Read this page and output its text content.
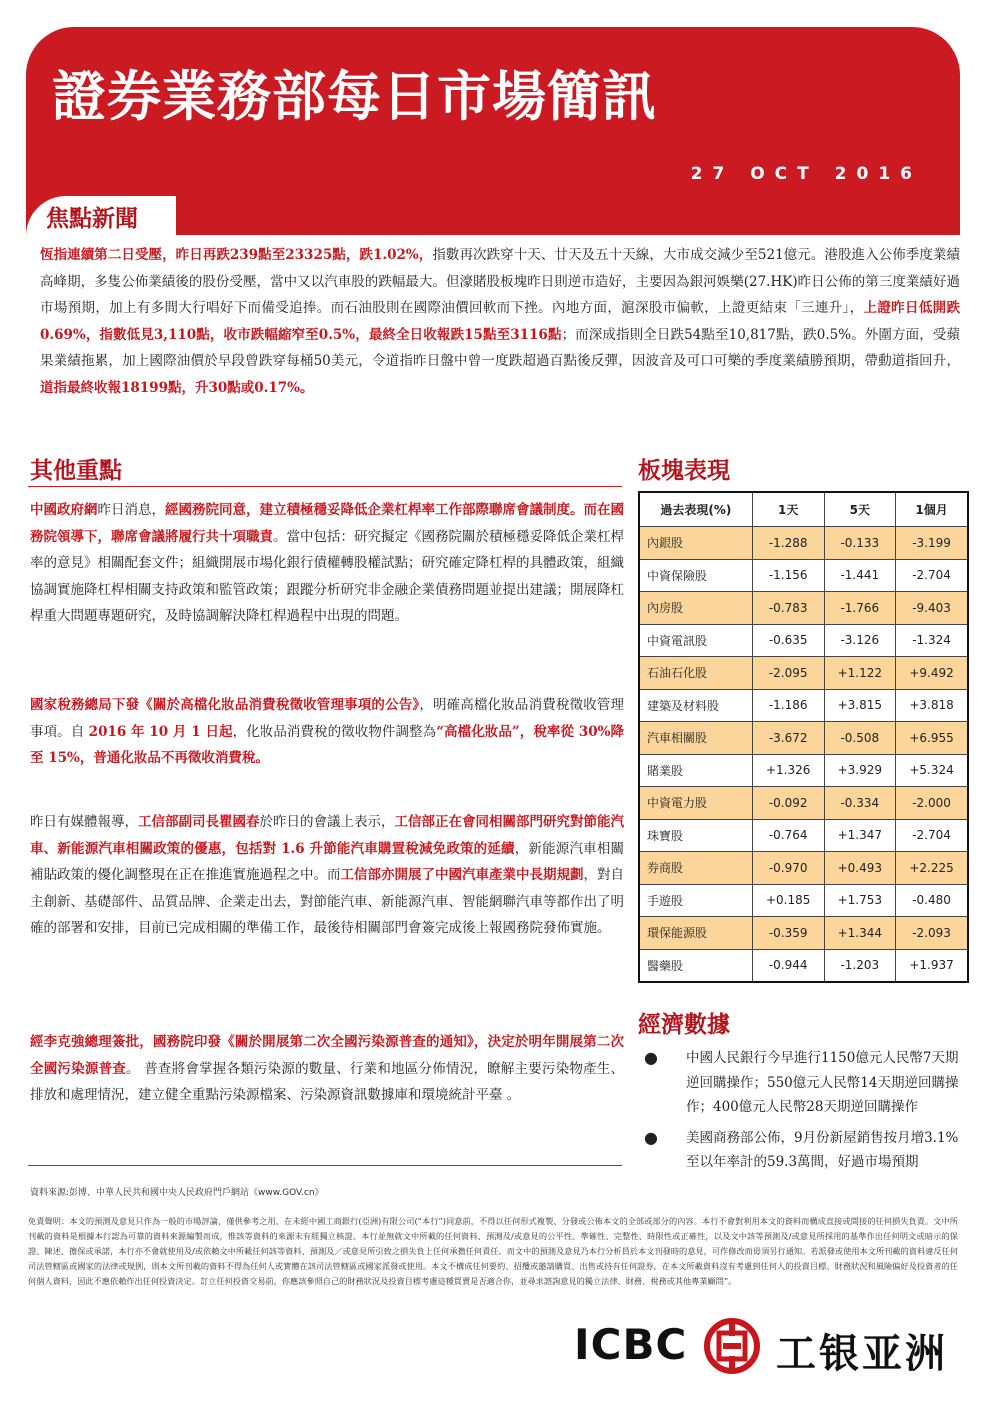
證券業務部每日市場簡訊
27 OCT 2016
焦點新聞

恆指連續第二日受壓，昨日再跌239點至23325點，跌1.02%，指數再次跌穿十天、廿天及五十天線，大市成交減少至521億元。港股進入公佈季度業績高峰期，多隻公佈業績後的股份受壓，當中又以汽車股的跌幅最大。但濠賭股板塊昨日則逆市造好，主要因為銀河娛樂(27.HK)昨日公佈的第三度業績好過市場預期，加上有多間大行唱好下而備受追捧。而石油股則在國際油價回軟而下挫。內地方面，滬深股市偏軟，上證更結束「三連升」，上證昨日低開跌0.69%，指數低見3,110點，收市跌幅縮窄至0.5%，最終全日收報跌15點至3116點；而深成指則全日跌54點至10,817點，跌0.5%。外圍方面，受蘋果業績拖累，加上國際油價於早段曾跌穿每桶50美元，令道指昨日盤中曾一度跌超過百點後反彈，因波音及可口可樂的季度業績勝預期，帶動道指回升，道指最終收報18199點，升30點或0.17%。

其他重點

中國政府網昨日消息，經國務院同意，建立積極穩妥降低企業杠桿率工作部際聯席會議制度。而在國務院領導下，聯席會議將履行共十項職責。當中包括：研究擬定《國務院關於積極穩妥降低企業杠桿率的意見》相關配套文件；組織開展市場化銀行債權轉股權試點；研究確定降杠桿的具體政策，組織協調實施降杠桿相關支持政策和監管政策；跟蹤分析研究非金融企業債務問題並提出建議；開展降杠桿重大問題專題研究，及時協調解決降杠桿過程中出現的問題。

國家稅務總局下發《關於高檔化妝品消費稅徵收管理事項的公告》，明確高檔化妝品消費稅徵收管理事項。自 2016 年 10 月 1 日起，化妝品消費稅的徵收物件調整為“高檔化妝品”，稅率從 30%降至 15%，普通化妝品不再徵收消費稅。

昨日有媒體報導，工信部副司長瞿國春於昨日的會議上表示，工信部正在會同相關部門研究對節能汽車、新能源汽車相關政策的優惠，包括對 1.6 升節能汽車購置稅減免政策的延續，新能源汽車相關補貼政策的優化調整現在正在推進實施過程之中。而工信部亦開展了中國汽車產業中長期規劃，對自主創新、基礎部件、品質品牌、企業走出去，對節能汽車、新能源汽車、智能網聯汽車等都作出了明確的部署和安排，目前已完成相關的準備工作，最後待相關部門會簽完成後上報國務院發佈實施。

經李克強總理簽批，國務院印發《關於開展第二次全國污染源普查的通知》，決定於明年開展第二次全國污染源普查。 普查將會掌握各類污染源的數量、行業和地區分佈情況，瞭解主要污染物產生、排放和處理情況，建立健全重點污染源檔案、污染源資訊數據庫和環境統計平臺 。

板塊表現
過去表現(%)	1天	5天	1個月
內銀股	-1.288	-0.133	-3.199
中資保險股	-1.156	-1.441	-2.704
內房股	-0.783	-1.766	-9.403
中資電訊股	-0.635	-3.126	-1.324
石油石化股	-2.095	+1.122	+9.492
建築及材料股	-1.186	+3.815	+3.818
汽車相關股	-3.672	-0.508	+6.955
賭業股	+1.326	+3.929	+5.324
中資電力股	-0.092	-0.334	-2.000
珠寶股	-0.764	+1.347	-2.704
券商股	-0.970	+0.493	+2.225
手遊股	+0.185	+1.753	-0.480
環保能源股	-0.359	+1.344	-2.093
醫藥股	-0.944	-1.203	+1.937
經濟數據
● 中國人民銀行今早進行1150億元人民幣7天期逆回購操作；550億元人民幣14天期逆回購操作；400億元人民幣28天期逆回購操作
● 美國商務部公佈，9月份新屋銷售按月增3.1%至以年率計的59.3萬間，好過市場預期
資料來源:彭博、中華人民共和國中央人民政府門戶網站《www.GOV.cn》

免責聲明：本文的預測及意見只作為一般的市場評論，僅供參考之用，在未經中國工商銀行(亞洲)有限公司(“本行”)同意前，不得以任何形式複製、分發或公佈本文的全部或部分的內容。本行不會對利用本文的資料而構成直接或間接的任何損失負責。文中所刊載的資料是根據本行認為可靠的資料來源編製而成，惟該等資料的來源未有經獨立核證。本行並無就文中所載的任何資料、預測及/或意見的公平性、準確性、完整性、時限性或正確性，以及文中該等預測及/或意見所採用的基準作出任何明文或暗示的保證、陳述、擔保或承諾，本行亦不會就使用及/或依賴文中所載任何該等資料、預測及／或意見所引致之損失負上任何承擔任何責任。而文中的預測及意見乃本行分析員於本文刊發時的意見，可作修改而毋須另行通知。若派發或使用本文所刊載的資料違反任何司法管轄區或國家的法律或規例，則本文所刊載的資料不得為任何人或實體在該司法管轄區或國家派發或使用。本文不構成任何要約、招攬或邀請購買、出售或持有任何證券。在本文所載資料沒有考慮到任何人的投資目標、財務狀況和風險偏好及投資者的任何個人資料，因此不應依賴作出任何投資決定。訂立任何投資交易前，你應該參照自己的財務狀況及投資目標考慮這種買賣是否適合你，並尋求諮詢意見的獨立法律、財務、稅務或其他專業顧問”。

ICBC 工银亚洲
